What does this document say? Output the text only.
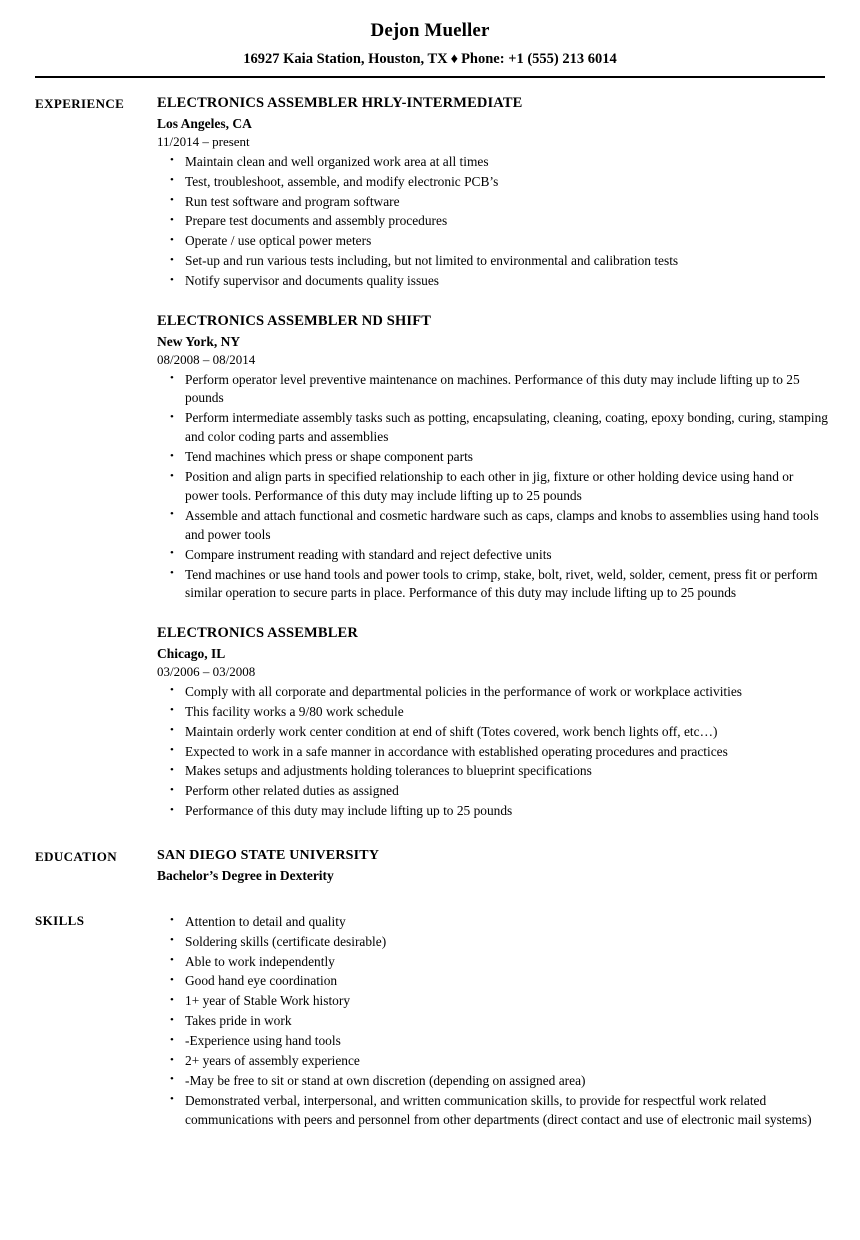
Dejon Mueller
16927 Kaia Station, Houston, TX ♦ Phone: +1 (555) 213 6014
EXPERIENCE	ELECTRONICS ASSEMBLER HRLY-INTERMEDIATE
Los Angeles, CA
11/2014 – present
• Maintain clean and well organized work area at all times
• Test, troubleshoot, assemble, and modify electronic PCB’s
• Run test software and program software
• Prepare test documents and assembly procedures
• Operate / use optical power meters
• Set-up and run various tests including, but not limited to environmental and calibration tests
• Notify supervisor and documents quality issues
ELECTRONICS ASSEMBLER ND SHIFT
New York, NY
08/2008 – 08/2014
• Perform operator level preventive maintenance on machines. Performance of this duty may include lifting up to 25 pounds
• Perform intermediate assembly tasks such as potting, encapsulating, cleaning, coating, epoxy bonding, curing, stamping and color coding parts and assemblies
• Tend machines which press or shape component parts
• Position and align parts in specified relationship to each other in jig, fixture or other holding device using hand or power tools. Performance of this duty may include lifting up to 25 pounds
• Assemble and attach functional and cosmetic hardware such as caps, clamps and knobs to assemblies using hand tools and power tools
• Compare instrument reading with standard and reject defective units
• Tend machines or use hand tools and power tools to crimp, stake, bolt, rivet, weld, solder, cement, press fit or perform similar operation to secure parts in place. Performance of this duty may include lifting up to 25 pounds
ELECTRONICS ASSEMBLER
Chicago, IL
03/2006 – 03/2008
• Comply with all corporate and departmental policies in the performance of work or workplace activities
• This facility works a 9/80 work schedule
• Maintain orderly work center condition at end of shift (Totes covered, work bench lights off, etc…)
• Expected to work in a safe manner in accordance with established operating procedures and practices
• Makes setups and adjustments holding tolerances to blueprint specifications
• Perform other related duties as assigned
• Performance of this duty may include lifting up to 25 pounds
EDUCATION	SAN DIEGO STATE UNIVERSITY
Bachelor’s Degree in Dexterity
SKILLS	• Attention to detail and quality
• Soldering skills (certificate desirable)
• Able to work independently
• Good hand eye coordination
• 1+ year of Stable Work history
• Takes pride in work
• -Experience using hand tools
• 2+ years of assembly experience
• -May be free to sit or stand at own discretion (depending on assigned area)
• Demonstrated verbal, interpersonal, and written communication skills, to provide for respectful work related communications with peers and personnel from other departments (direct contact and use of electronic mail systems)
